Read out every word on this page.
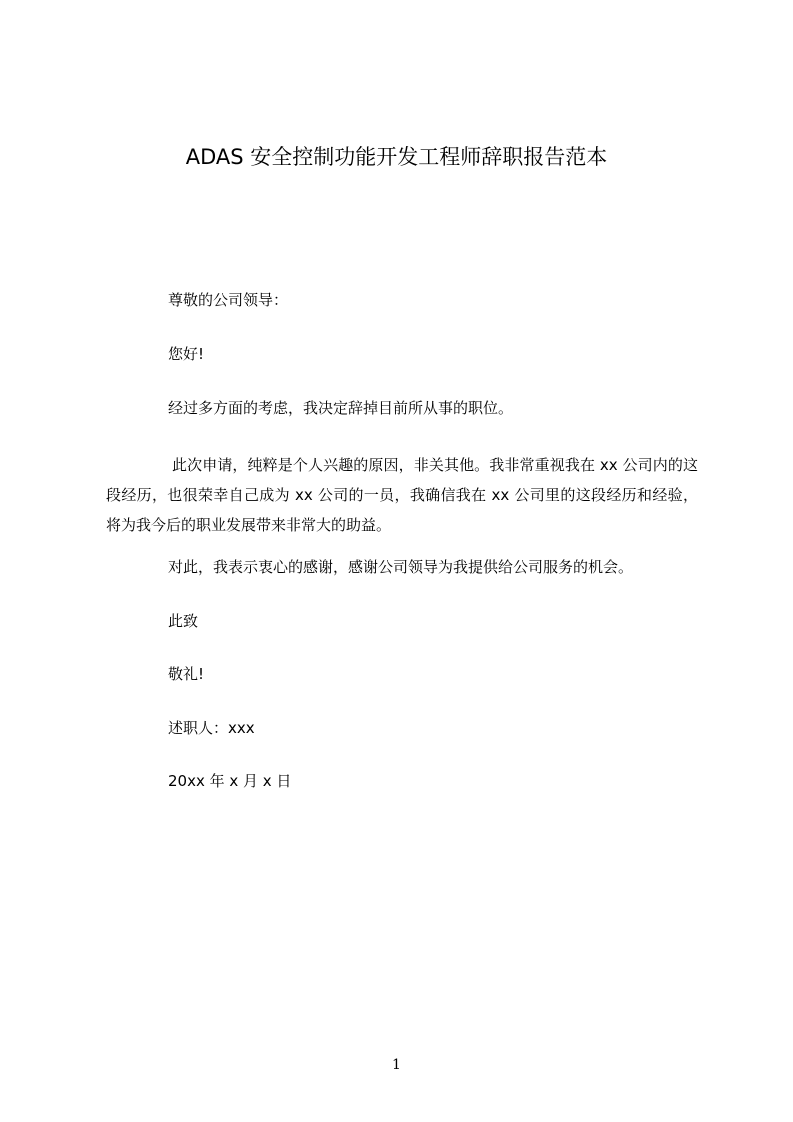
ADAS 安全控制功能开发工程师辞职报告范本
尊敬的公司领导：
您好!
经过多方面的考虑，我决定辞掉目前所从事的职位。
此次申请，纯粹是个人兴趣的原因，非关其他。我非常重视我在 xx 公司内的这段经历，也很荣幸自己成为 xx 公司的一员，我确信我在 xx 公司里的这段经历和经验，将为我今后的职业发展带来非常大的助益。
对此，我表示衷心的感谢，感谢公司领导为我提供给公司服务的机会。
此致
敬礼!
述职人：xxx
20xx 年 x 月 x 日
1
